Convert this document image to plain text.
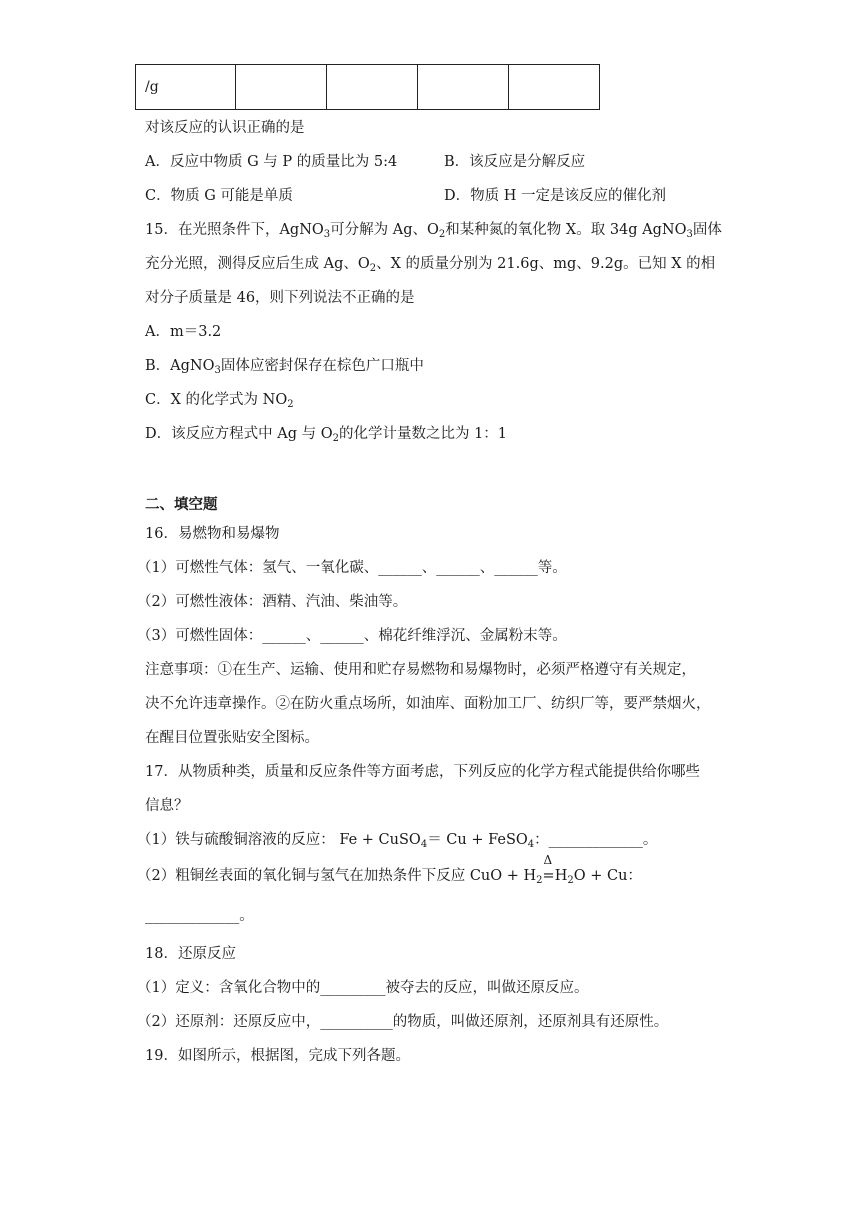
/g				
对该反应的认识正确的是
A．反应中物质 G 与 P 的质量比为 5:4	B．该反应是分解反应
C．物质 G 可能是单质	D．物质 H 一定是该反应的催化剂
15．在光照条件下，AgNO$_3$可分解为 Ag、$O_2$和某种氮的氧化物 X。取 34g AgNO$_3$固体
充分光照，测得反应后生成 Ag、$O_2$、X 的质量分别为 21.6g、mg、9.2g。已知 X 的相
对分子质量是 46，则下列说法不正确的是
A．m＝3.2
B．AgNO$_3$固体应密封保存在棕色广口瓶中
C．X 的化学式为 $NO_2$
D．该反应方程式中 Ag 与 $O_2$的化学计量数之比为 1：1
二、填空题
16．易燃物和易爆物
（1）可燃性气体：氢气、一氧化碳、______、______、______等。
（2）可燃性液体：酒精、汽油、柴油等。
（3）可燃性固体：______、______、棉花纤维浮沉、金属粉末等。
注意事项：①在生产、运输、使用和贮存易燃物和易爆物时，必须严格遵守有关规定，
决不允许违章操作。②在防火重点场所，如油库、面粉加工厂、纺织厂等，要严禁烟火，
在醒目位置张贴安全图标。
17．从物质种类，质量和反应条件等方面考虑，下列反应的化学方程式能提供给你哪些
信息？
（1）铁与硫酸铜溶液的反应： Fe + CuSO$_4$＝ Cu + FeSO$_4$：_____________。
（2）粗铜丝表面的氧化铜与氢气在加热条件下反应 CuO + $H_2$
Δ
$=H_2O + Cu$：
_____________。
18．还原反应
（1）定义：含氧化合物中的_________被夺去的反应，叫做还原反应。
（2）还原剂：还原反应中，__________的物质，叫做还原剂，还原剂具有还原性。
19．如图所示，根据图，完成下列各题。
